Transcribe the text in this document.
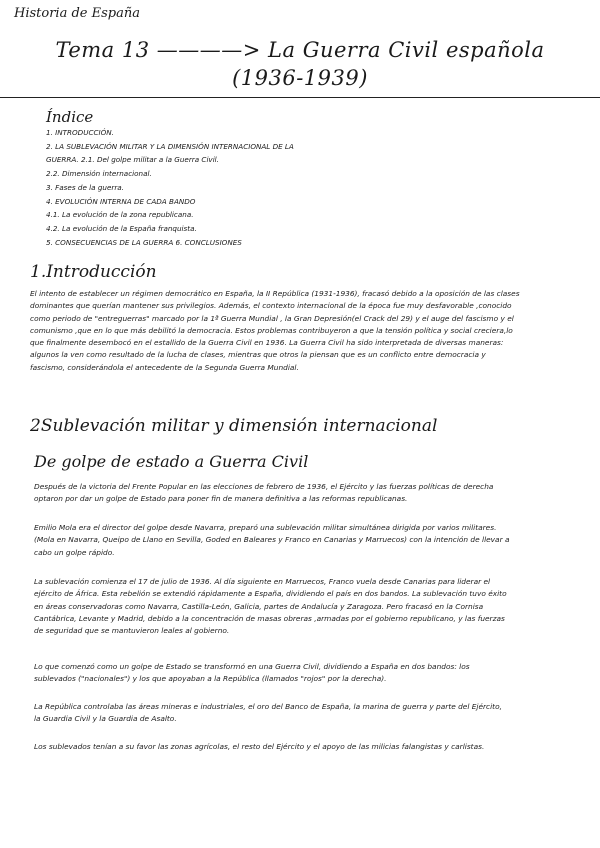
Historia de España
Tema 13 ————> La Guerra Civil española
(1936-1939)
Índice
1. INTRODUCCIÓN.
2. LA SUBLEVACIÓN MILITAR Y LA DIMENSIÓN INTERNACIONAL DE LA
GUERRA. 2.1. Del golpe militar a la Guerra Civil.
2.2. Dimensión internacional.
3. Fases de la guerra.
4. EVOLUCIÓN INTERNA DE CADA BANDO
4.1. La evolución de la zona republicana.
4.2. La evolución de la España franquista.
5. CONSECUENCIAS DE LA GUERRA 6. CONCLUSIONES
1.Introducción

El intento de establecer un régimen democrático en España, la II República (1931-1936), fracasó debido a la oposición de las clases dominantes que querían mantener sus privilegios. Además, el contexto internacional de la época fue muy desfavorable ,conocido como periodo de "entreguerras" marcado por la 1ª Guerra Mundial , la Gran Depresión(el Crack del 29) y el auge del fascismo y el comunismo ,que en lo que más debilitó la democracia. Estos problemas contribuyeron a que la tensión política y social creciera,lo que finalmente desembocó en el estallido de la Guerra Civil en 1936. La Guerra Civil ha sido interpretada de diversas maneras: algunos la ven como resultado de la lucha de clases, mientras que otros la piensan que es un conflicto entre democracia y fascismo, considerándola el antecedente de la Segunda Guerra Mundial.

2Sublevación militar y dimensión internacional
De golpe de estado a Guerra Civil

Después de la victoria del Frente Popular en las elecciones de febrero de 1936, el Ejército y las fuerzas políticas de derecha optaron por dar un golpe de Estado para poner fin de manera definitiva a las reformas republicanas.

Emilio Mola era el director del golpe desde Navarra, preparó una sublevación militar simultánea dirigida por varios militares. (Mola en Navarra, Queipo de Llano en Sevilla, Goded en Baleares y Franco en Canarias y Marruecos) con la intención de llevar a cabo un golpe rápido.

La sublevación comienza el 17 de julio de 1936. Al día siguiente en Marruecos, Franco vuela desde Canarias para liderar el ejército de África. Esta rebelión se extendió rápidamente a España, dividiendo el país en dos bandos. La sublevación tuvo éxito en áreas conservadoras como Navarra, Castilla-León, Galicia, partes de Andalucía y Zaragoza. Pero fracasó en la Cornisa Cantábrica, Levante y Madrid, debido a la concentración de masas obreras ,armadas por el gobierno republicano, y las fuerzas de seguridad que se mantuvieron leales al gobierno.

Lo que comenzó como un golpe de Estado se transformó en una Guerra Civil, dividiendo a España en dos bandos: los sublevados ("nacionales") y los que apoyaban a la República (llamados "rojos" por la derecha).

La República controlaba las áreas mineras e industriales, el oro del Banco de España, la marina de guerra y parte del Ejército, la Guardia Civil y la Guardia de Asalto.

Los sublevados tenían a su favor las zonas agrícolas, el resto del Ejército y el apoyo de las milicias falangistas y carlistas.
